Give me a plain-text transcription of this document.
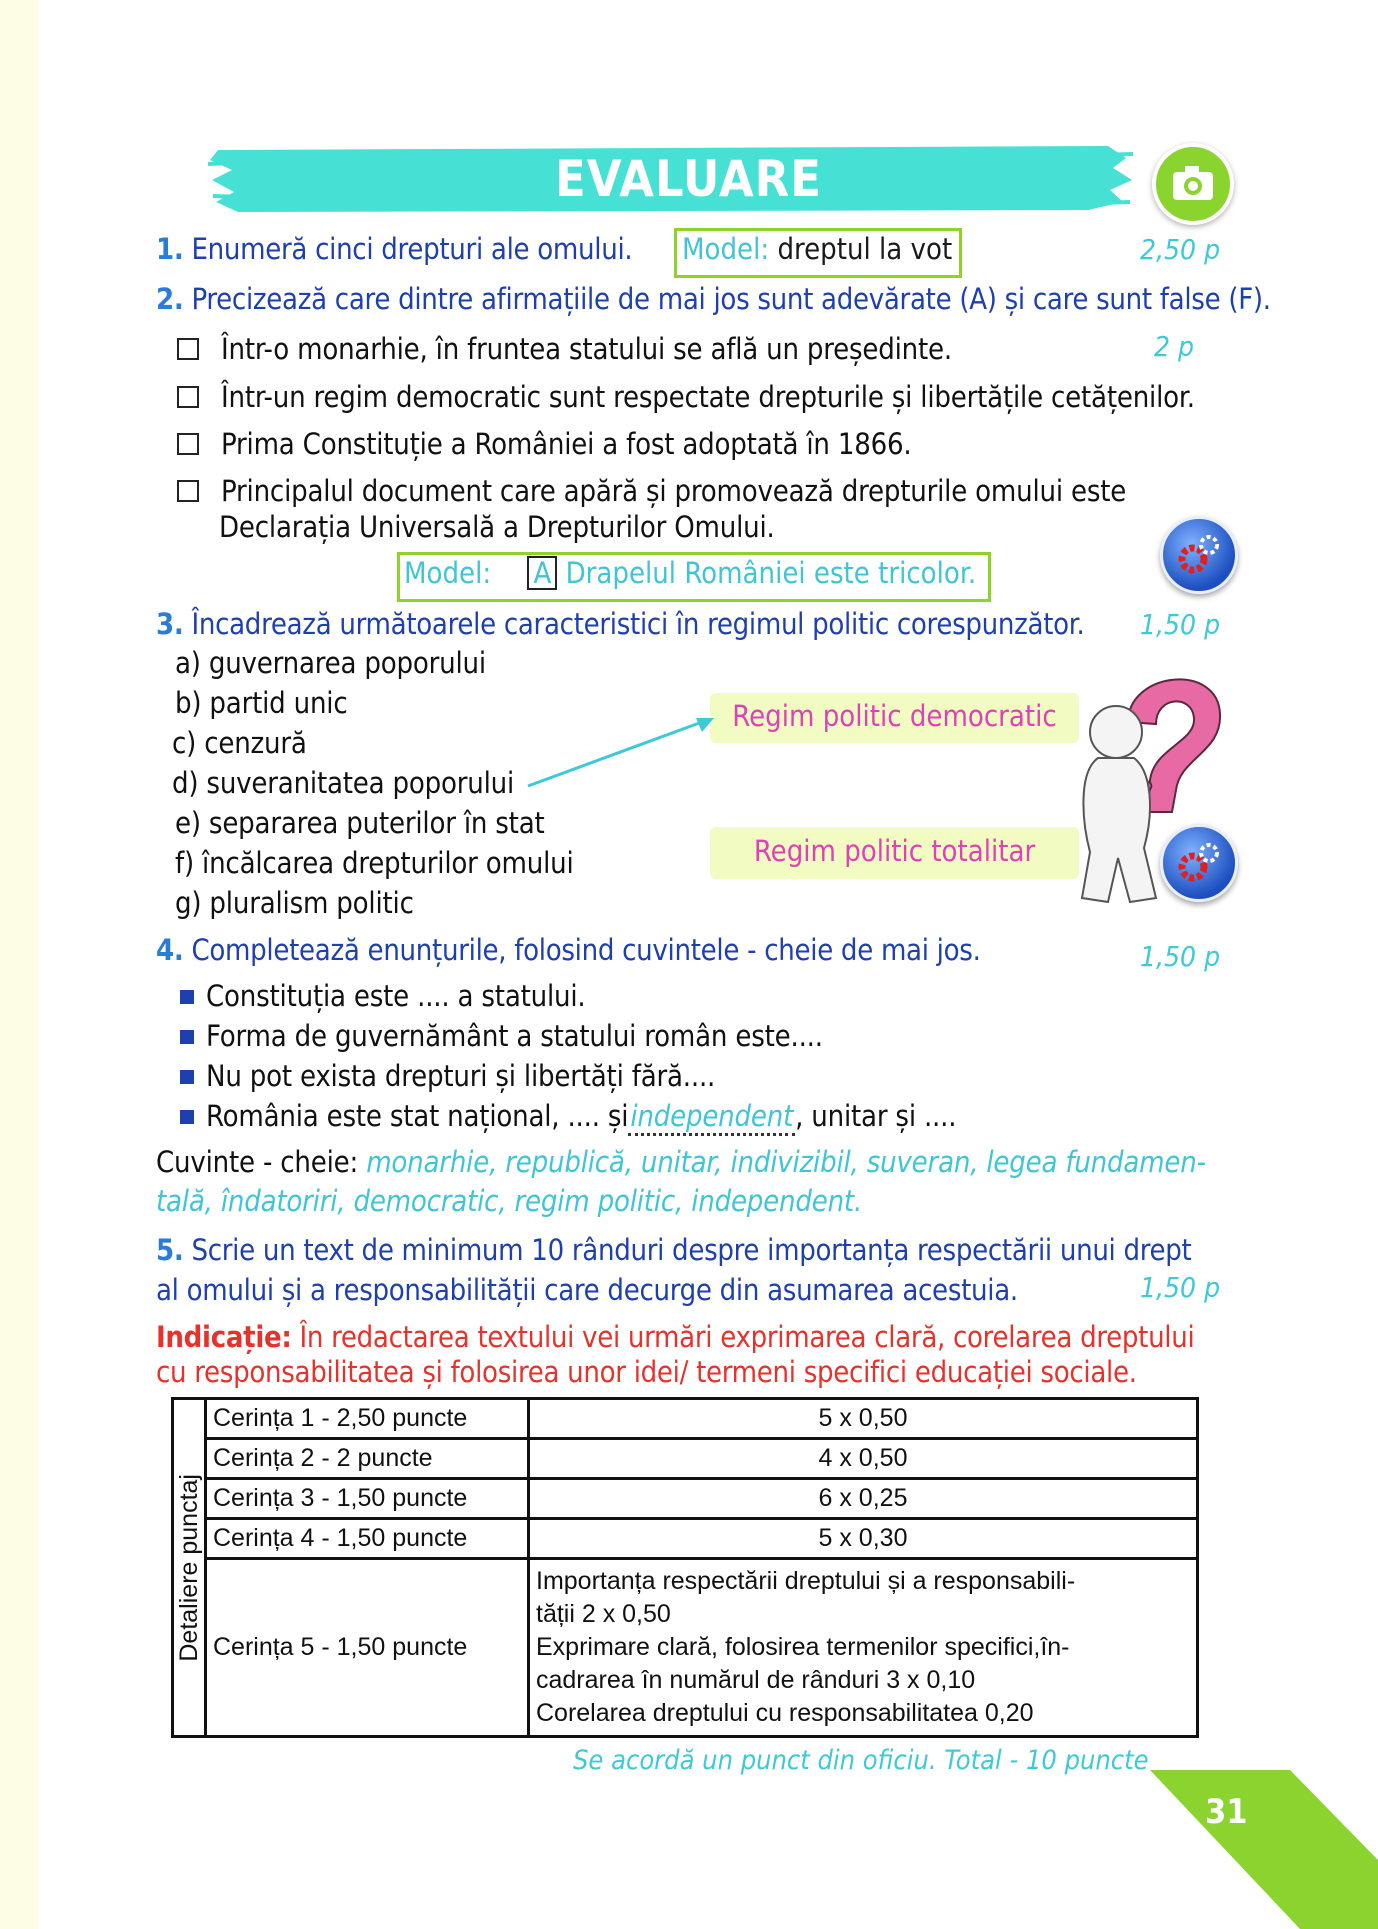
EVALUARE
1. Enumeră cinci drepturi ale omului. Model: dreptul la vot	2,50 p
2. Precizează care dintre afirmațiile de mai jos sunt adevărate (A) și care sunt false (F).
2 p
Într-o monarhie, în fruntea statului se află un președinte.
Într-un regim democratic sunt respectate drepturile și libertățile cetățenilor.
Prima Constituție a României a fost adoptată în 1866.
Principalul document care apără și promovează drepturile omului este
Declarația Universală a Drepturilor Omului.
Model: A Drapelul României este tricolor.
3. Încadrează următoarele caracteristici în regimul politic corespunzător. 1,50 p
a) guvernarea poporului
b) partid unic
c) cenzură
d) suveranitatea poporului
e) separarea puterilor în stat
f) încălcarea drepturilor omului
g) pluralism politic
Regim politic democratic
Regim politic totalitar
4. Completează enunțurile, folosind cuvintele - cheie de mai jos.	1,50 p
Constituția este .... a statului.
Forma de guvernământ a statului român este....
Nu pot exista drepturi și libertăți fără....
România este stat național, .... șiindependent, unitar și ....
Cuvinte - cheie: monarhie, republică, unitar, indivizibil, suveran, legea fundamen-
tală, îndatoriri, democratic, regim politic, independent.
5. Scrie un text de minimum 10 rânduri despre importanța respectării unui drept
al omului și a responsabilității care decurge din asumarea acestuia.	1,50 p
Indicație: În redactarea textului vei urmări exprimarea clară, corelarea dreptului
cu responsabilitatea și folosirea unor idei/ termeni specifici educației sociale.
Detaliere punctaj	Cerința 1 - 2,50 puncte	5 x 0,50
	Cerința 2 - 2 puncte	4 x 0,50
	Cerința 3 - 1,50 puncte	6 x 0,25
	Cerința 4 - 1,50 puncte	5 x 0,30
	Cerința 5 - 1,50 puncte	Importanța respectării dreptului și a responsabili-
tății 2 x 0,50
Exprimare clară, folosirea termenilor specifici,în-
cadrarea în numărul de rânduri 3 x 0,10
Corelarea dreptului cu responsabilitatea 0,20
Se acordă un punct din oficiu. Total - 10 puncte
31
